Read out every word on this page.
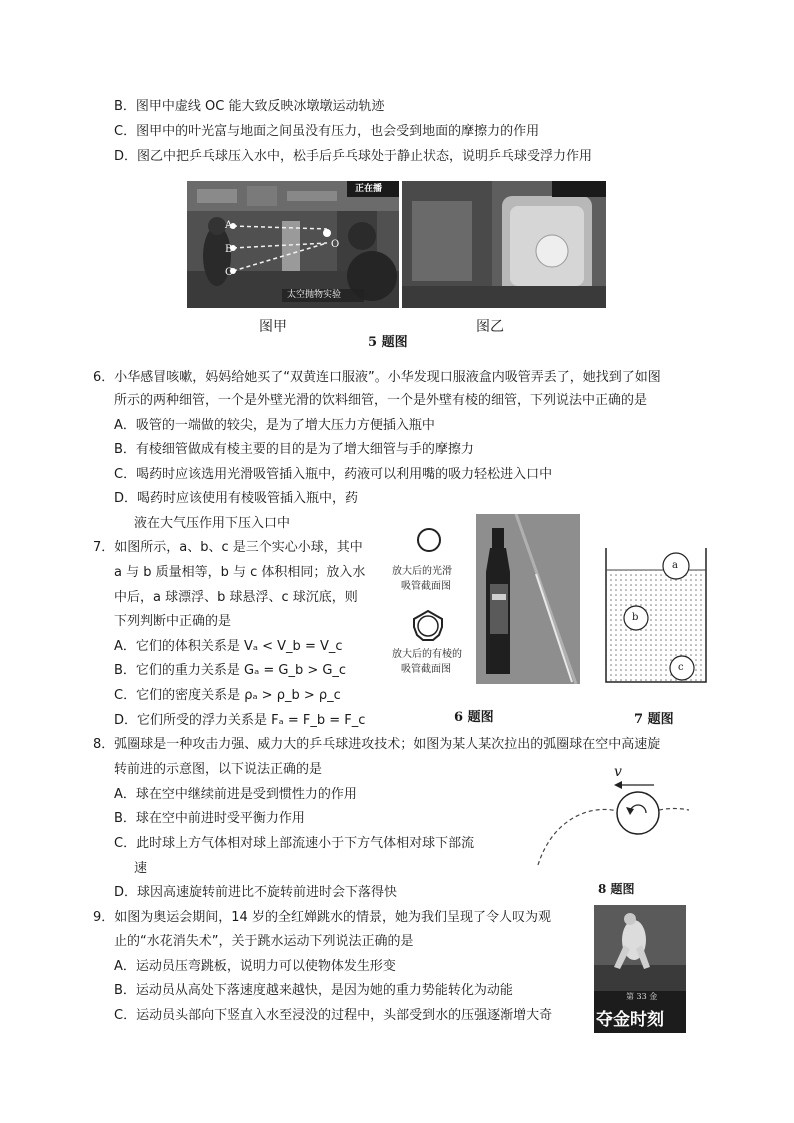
B．图甲中虚线 OC 能大致反映冰墩墩运动轨迹
C．图甲中的叶光富与地面之间虽没有压力，也会受到地面的摩擦力的作用
D．图乙中把乒乓球压入水中，松手后乒乓球处于静止状态，说明乒乓球受浮力作用
A
B
C
O
太空抛物实验
正在播
图甲	图乙
5 题图
6．小华感冒咳嗽，妈妈给她买了“双黄连口服液”。小华发现口服液盒内吸管弄丢了，她找到了如图
所示的两种细管，一个是外壁光滑的饮料细管，一个是外壁有棱的细管，下列说法中正确的是
A．吸管的一端做的较尖，是为了增大压力方便插入瓶中
B．有棱细管做成有棱主要的目的是为了增大细管与手的摩擦力
C．喝药时应该选用光滑吸管插入瓶中，药液可以利用嘴的吸力轻松进入口中
D．喝药时应该使用有棱吸管插入瓶中，药
液在大气压作用下压入口中
放大后的光滑
吸管截面图
放大后的有棱的
吸管截面图
6 题图
7．如图所示，a、b、c 是三个实心小球，其中
a 与 b 质量相等，b 与 c 体积相同；放入水
中后，a 球漂浮、b 球悬浮、c 球沉底，则
下列判断中正确的是
A．它们的体积关系是 Vₐ < V_b = V_c
B．它们的重力关系是 Gₐ = G_b > G_c
C．它们的密度关系是 ρₐ > ρ_b > ρ_c
D．它们所受的浮力关系是 Fₐ = F_b = F_c
a
b
c
7 题图
8．弧圈球是一种攻击力强、威力大的乒乓球进攻技术；如图为某人某次拉出的弧圈球在空中高速旋
转前进的示意图，以下说法正确的是
A．球在空中继续前进是受到惯性力的作用
B．球在空中前进时受平衡力作用
C．此时球上方气体相对球上部流速小于下方气体相对球下部流
速
D．球因高速旋转前进比不旋转前进时会下落得快
v
8 题图
9．如图为奥运会期间，14 岁的全红婵跳水的情景，她为我们呈现了令人叹为观
止的“水花消失术”，关于跳水运动下列说法正确的是
A．运动员压弯跳板，说明力可以使物体发生形变
B．运动员从高处下落速度越来越快，是因为她的重力势能转化为动能
C．运动员头部向下竖直入水至浸没的过程中，头部受到水的压强逐渐增大奇
第 33 金
夺金时刻
